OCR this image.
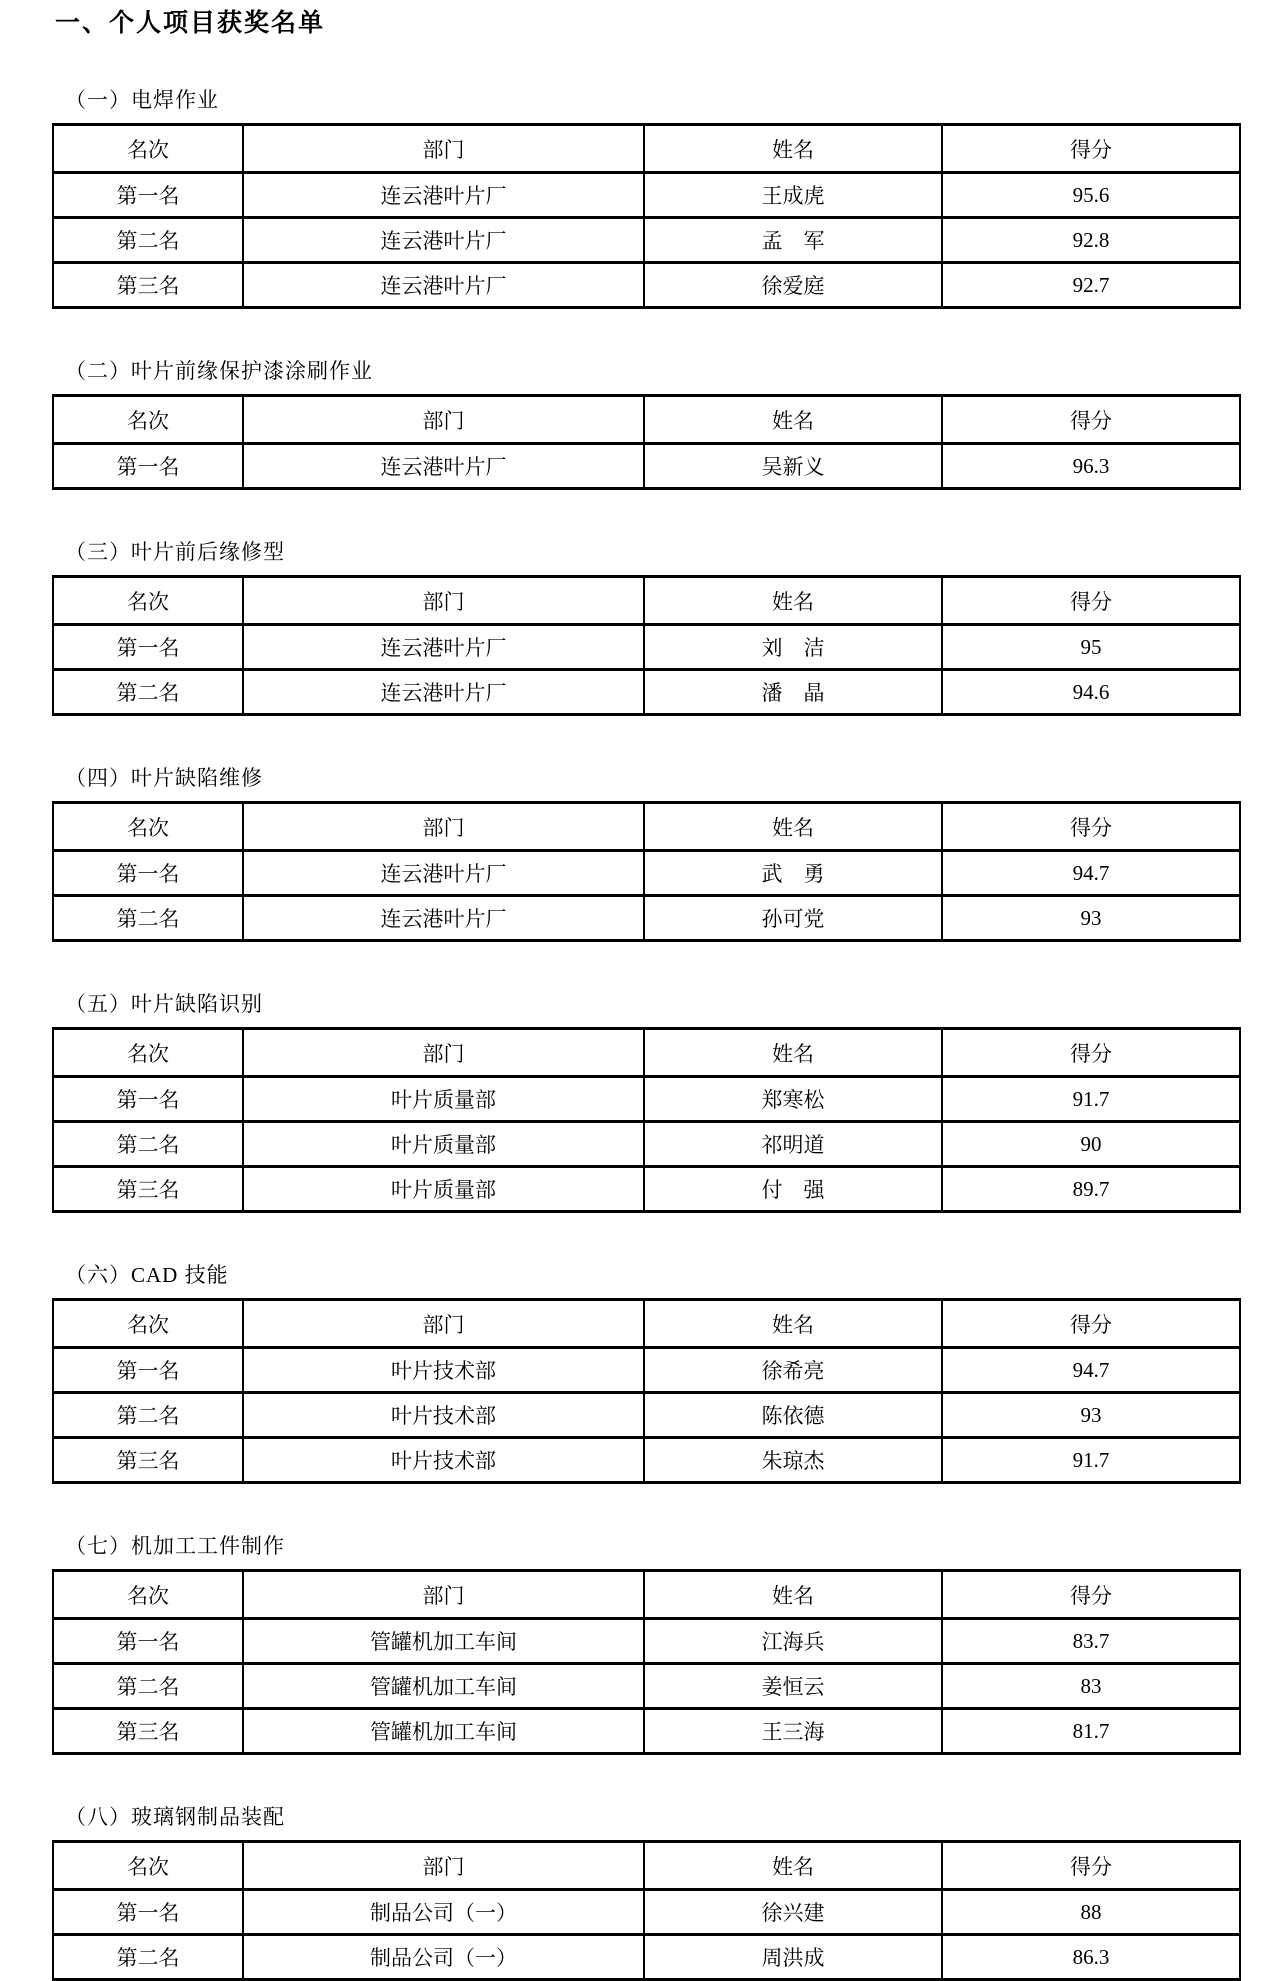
一、个人项目获奖名单
（一）电焊作业
名次	部门	姓名	得分
第一名	连云港叶片厂	王成虎	95.6
第二名	连云港叶片厂	孟　军	92.8
第三名	连云港叶片厂	徐爱庭	92.7
（二）叶片前缘保护漆涂刷作业
名次	部门	姓名	得分
第一名	连云港叶片厂	吴新义	96.3
（三）叶片前后缘修型
名次	部门	姓名	得分
第一名	连云港叶片厂	刘　洁	95
第二名	连云港叶片厂	潘　晶	94.6
（四）叶片缺陷维修
名次	部门	姓名	得分
第一名	连云港叶片厂	武　勇	94.7
第二名	连云港叶片厂	孙可党	93
（五）叶片缺陷识别
名次	部门	姓名	得分
第一名	叶片质量部	郑寒松	91.7
第二名	叶片质量部	祁明道	90
第三名	叶片质量部	付　强	89.7
（六）CAD 技能
名次	部门	姓名	得分
第一名	叶片技术部	徐希亮	94.7
第二名	叶片技术部	陈依德	93
第三名	叶片技术部	朱琼杰	91.7
（七）机加工工件制作
名次	部门	姓名	得分
第一名	管罐机加工车间	江海兵	83.7
第二名	管罐机加工车间	姜恒云	83
第三名	管罐机加工车间	王三海	81.7
（八）玻璃钢制品装配
名次	部门	姓名	得分
第一名	制品公司（一）	徐兴建	88
第二名	制品公司（一）	周洪成	86.3
